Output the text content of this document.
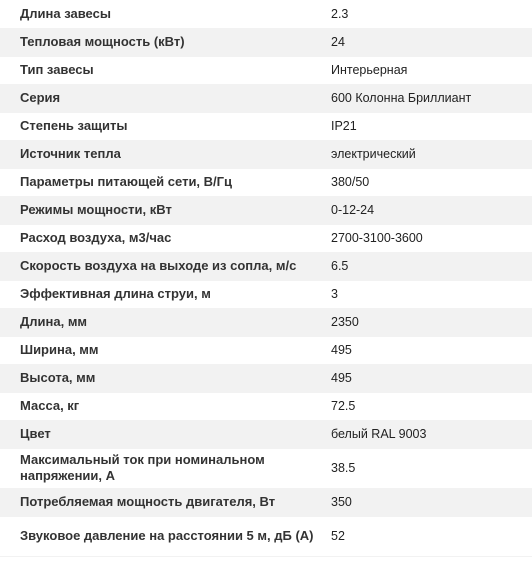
Длина завесы	2.3
Тепловая мощность (кВт)	24
Тип завесы	Интерьерная
Серия	600 Колонна Бриллиант
Степень защиты	IP21
Источник тепла	электрический
Параметры питающей сети, В/Гц	380/50
Режимы мощности, кВт	0-12-24
Расход воздуха, м3/час	2700-3100-3600
Скорость воздуха на выходе из сопла, м/с	6.5
Эффективная длина струи, м	3
Длина, мм	2350
Ширина, мм	495
Высота, мм	495
Масса, кг	72.5
Цвет	белый RAL 9003
Максимальный ток при номинальном напряжении, А	38.5
Потребляемая мощность двигателя, Вт	350
Звуковое давление на расстоянии 5 м, дБ (А)	52
